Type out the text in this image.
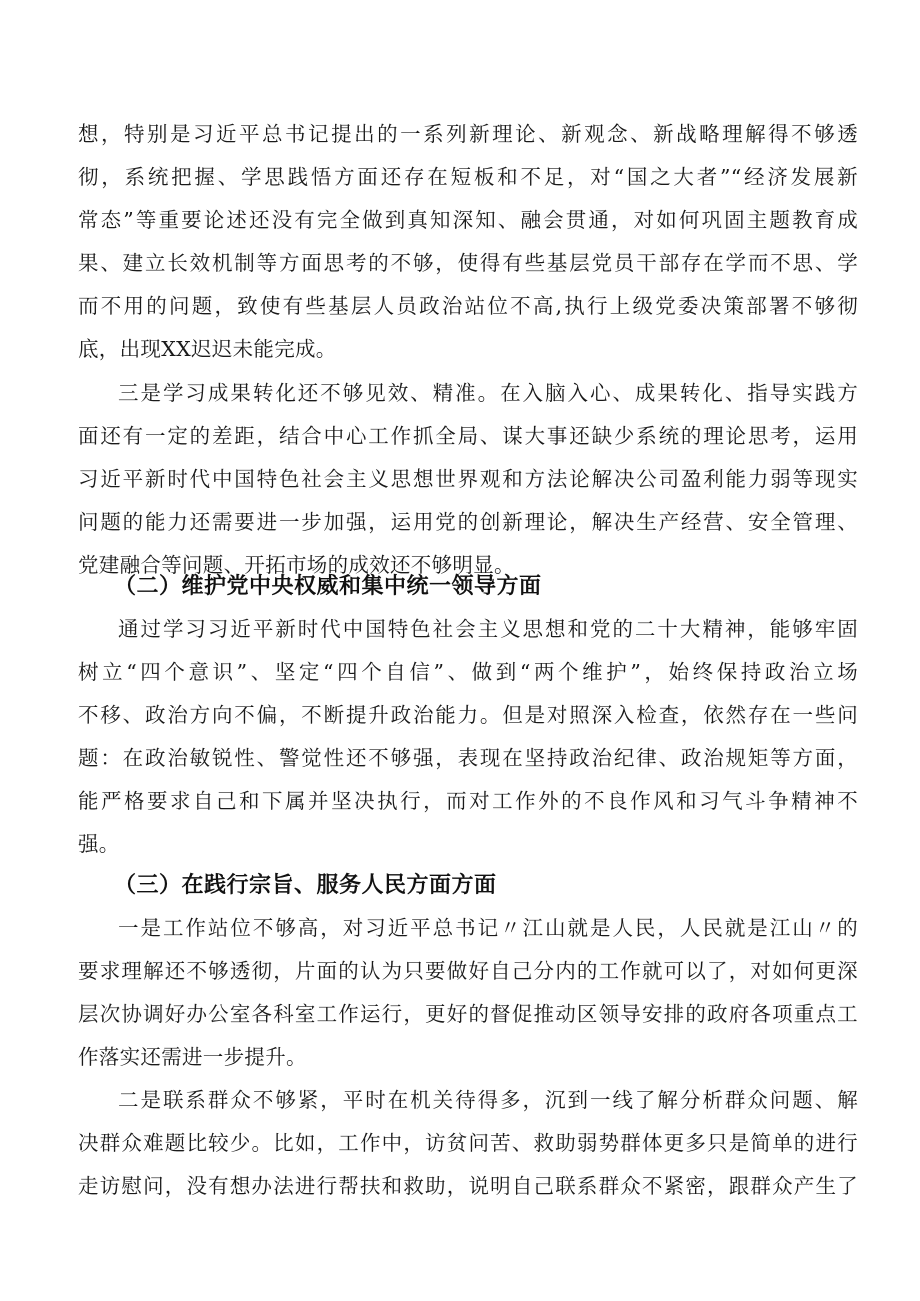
想，特别是习近平总书记提出的一系列新理论、新观念、新战略理解得不够透
彻，系统把握、学思践悟方面还存在短板和不足，对“国之大者”“经济发展新
常态”等重要论述还没有完全做到真知深知、融会贯通，对如何巩固主题教育成
果、建立长效机制等方面思考的不够，使得有些基层党员干部存在学而不思、学
而不用的问题，致使有些基层人员政治站位不高,执行上级党委决策部署不够彻
底，出现XX迟迟未能完成。
三是学习成果转化还不够见效、精准。在入脑入心、成果转化、指导实践方
面还有一定的差距，结合中心工作抓全局、谋大事还缺少系统的理论思考，运用
习近平新时代中国特色社会主义思想世界观和方法论解决公司盈利能力弱等现实
问题的能力还需要进一步加强，运用党的创新理论，解决生产经营、安全管理、
党建融合等问题、开拓市场的成效还不够明显。
（二）维护党中央权威和集中统一领导方面
通过学习习近平新时代中国特色社会主义思想和党的二十大精神，能够牢固
树立“四个意识”、坚定“四个自信”、做到“两个维护”，始终保持政治立场
不移、政治方向不偏，不断提升政治能力。但是对照深入检查，依然存在一些问
题：在政治敏锐性、警觉性还不够强，表现在坚持政治纪律、政治规矩等方面，
能严格要求自己和下属并坚决执行，而对工作外的不良作风和习气斗争精神不
强。
（三）在践行宗旨、服务人民方面方面
一是工作站位不够高，对习近平总书记〃江山就是人民，人民就是江山〃的
要求理解还不够透彻，片面的认为只要做好自己分内的工作就可以了，对如何更深
层次协调好办公室各科室工作运行，更好的督促推动区领导安排的政府各项重点工
作落实还需进一步提升。
二是联系群众不够紧，平时在机关待得多，沉到一线了解分析群众问题、解
决群众难题比较少。比如，工作中，访贫问苦、救助弱势群体更多只是简单的进行
走访慰问，没有想办法进行帮扶和救助，说明自己联系群众不紧密，跟群众产生了
